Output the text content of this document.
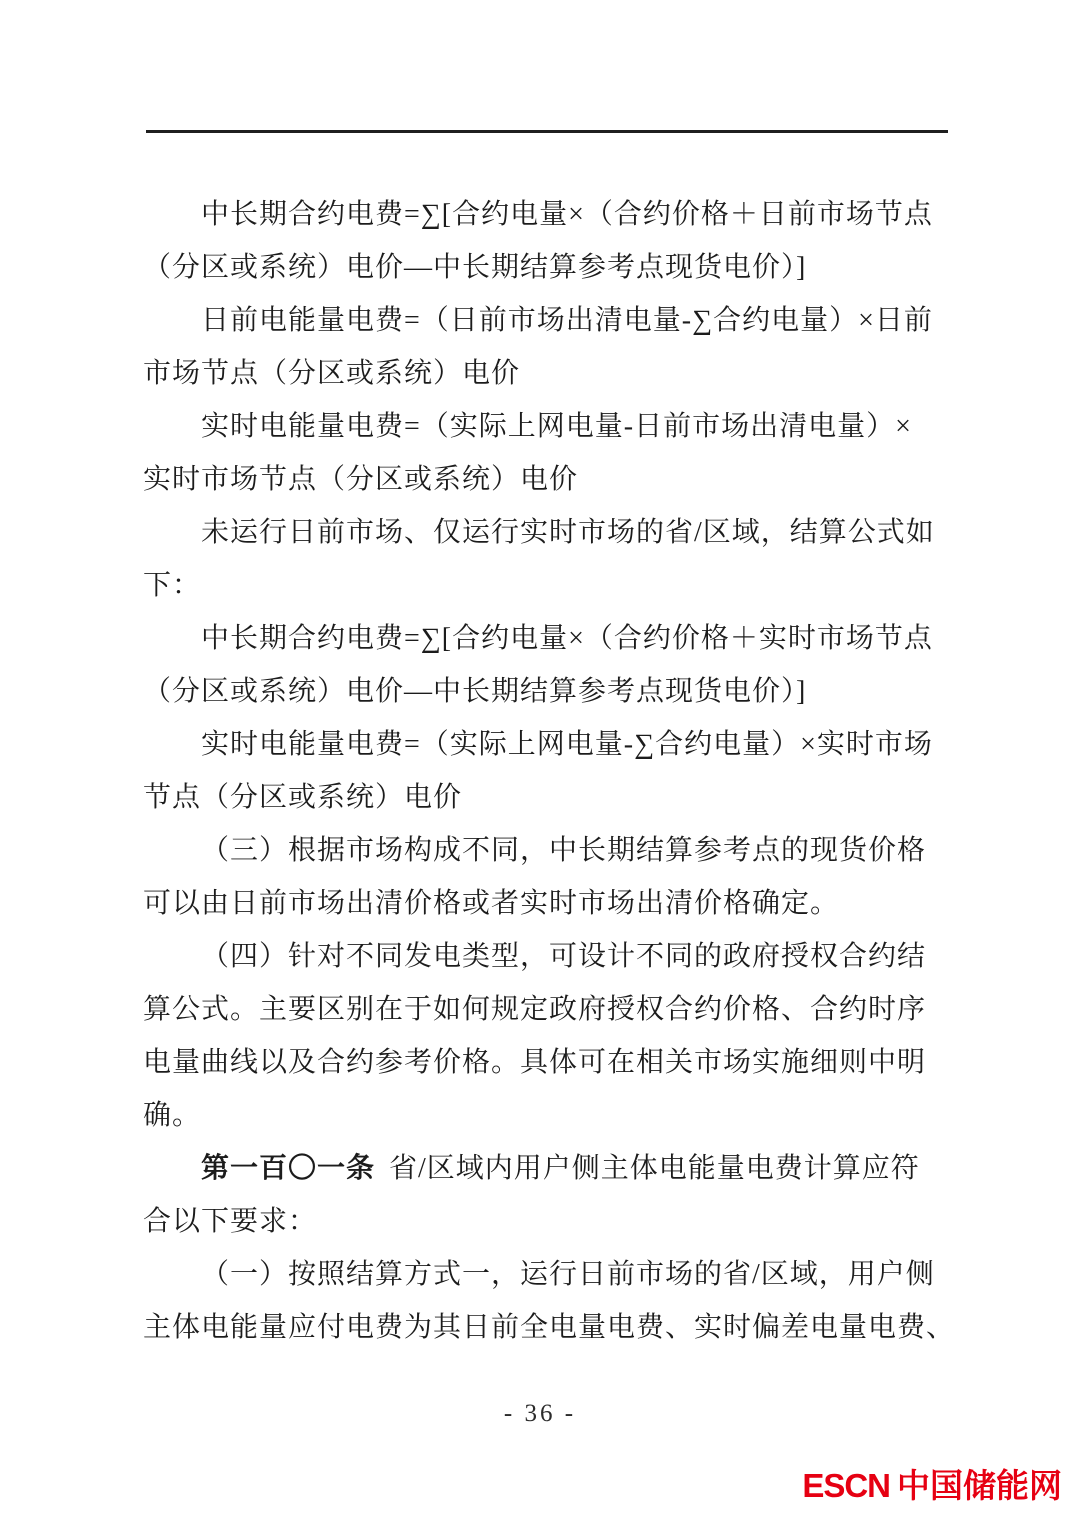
中长期合约电费=∑[合约电量×（合约价格＋日前市场节点
（分区或系统）电价—中长期结算参考点现货电价）]
日前电能量电费=（日前市场出清电量-∑合约电量）×日前
市场节点（分区或系统）电价
实时电能量电费=（实际上网电量-日前市场出清电量）×
实时市场节点（分区或系统）电价
未运行日前市场、仅运行实时市场的省/区域，结算公式如
下：
中长期合约电费=∑[合约电量×（合约价格＋实时市场节点
（分区或系统）电价—中长期结算参考点现货电价）]
实时电能量电费=（实际上网电量-∑合约电量）×实时市场
节点（分区或系统）电价
（三）根据市场构成不同，中长期结算参考点的现货价格
可以由日前市场出清价格或者实时市场出清价格确定。
（四）针对不同发电类型，可设计不同的政府授权合约结
算公式。主要区别在于如何规定政府授权合约价格、合约时序
电量曲线以及合约参考价格。具体可在相关市场实施细则中明
确。
第一百〇一条 省/区域内用户侧主体电能量电费计算应符
合以下要求：
（一）按照结算方式一，运行日前市场的省/区域，用户侧
主体电能量应付电费为其日前全电量电费、实时偏差电量电费、
- 36 -
ESCN 中国储能网
